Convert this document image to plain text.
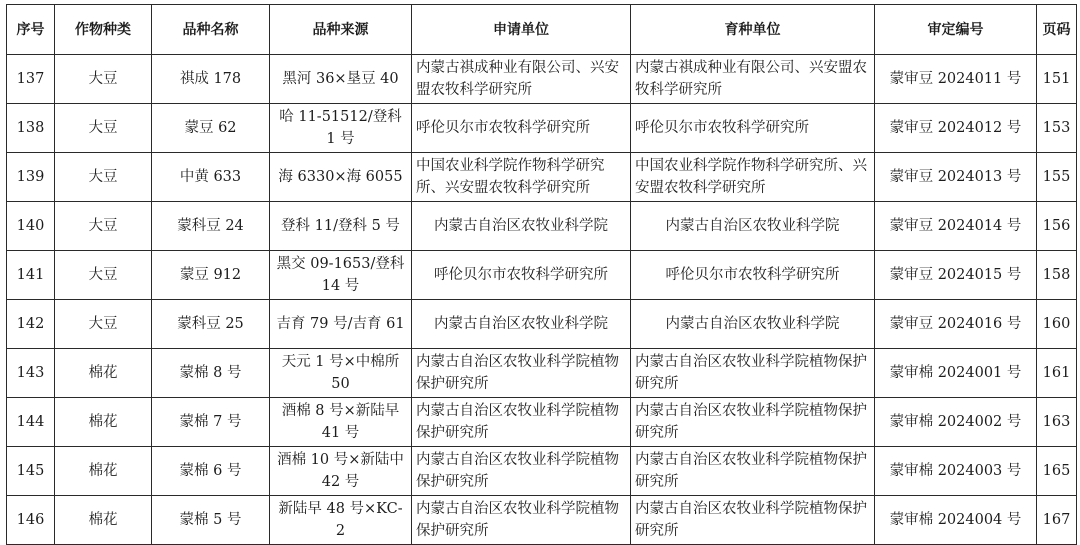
序号	作物种类	品种名称	品种来源	申请单位	育种单位	审定编号	页码
137	大豆	祺成 178	黑河 36×垦豆 40	内蒙古祺成种业有限公司、兴安盟农牧科学研究所	内蒙古祺成种业有限公司、兴安盟农牧科学研究所	蒙审豆 2024011 号	151
138	大豆	蒙豆 62	哈 11-51512/登科 1 号	呼伦贝尔市农牧科学研究所	呼伦贝尔市农牧科学研究所	蒙审豆 2024012 号	153
139	大豆	中黄 633	海 6330×海 6055	中国农业科学院作物科学研究所、兴安盟农牧科学研究所	中国农业科学院作物科学研究所、兴安盟农牧科学研究所	蒙审豆 2024013 号	155
140	大豆	蒙科豆 24	登科 11/登科 5 号	内蒙古自治区农牧业科学院	内蒙古自治区农牧业科学院	蒙审豆 2024014 号	156
141	大豆	蒙豆 912	黑交 09-1653/登科 14 号	呼伦贝尔市农牧科学研究所	呼伦贝尔市农牧科学研究所	蒙审豆 2024015 号	158
142	大豆	蒙科豆 25	吉育 79 号/吉育 61	内蒙古自治区农牧业科学院	内蒙古自治区农牧业科学院	蒙审豆 2024016 号	160
143	棉花	蒙棉 8 号	天元 1 号×中棉所 50	内蒙古自治区农牧业科学院植物保护研究所	内蒙古自治区农牧业科学院植物保护研究所	蒙审棉 2024001 号	161
144	棉花	蒙棉 7 号	酒棉 8 号×新陆早 41 号	内蒙古自治区农牧业科学院植物保护研究所	内蒙古自治区农牧业科学院植物保护研究所	蒙审棉 2024002 号	163
145	棉花	蒙棉 6 号	酒棉 10 号×新陆中 42 号	内蒙古自治区农牧业科学院植物保护研究所	内蒙古自治区农牧业科学院植物保护研究所	蒙审棉 2024003 号	165
146	棉花	蒙棉 5 号	新陆早 48 号×KC-2	内蒙古自治区农牧业科学院植物保护研究所	内蒙古自治区农牧业科学院植物保护研究所	蒙审棉 2024004 号	167
